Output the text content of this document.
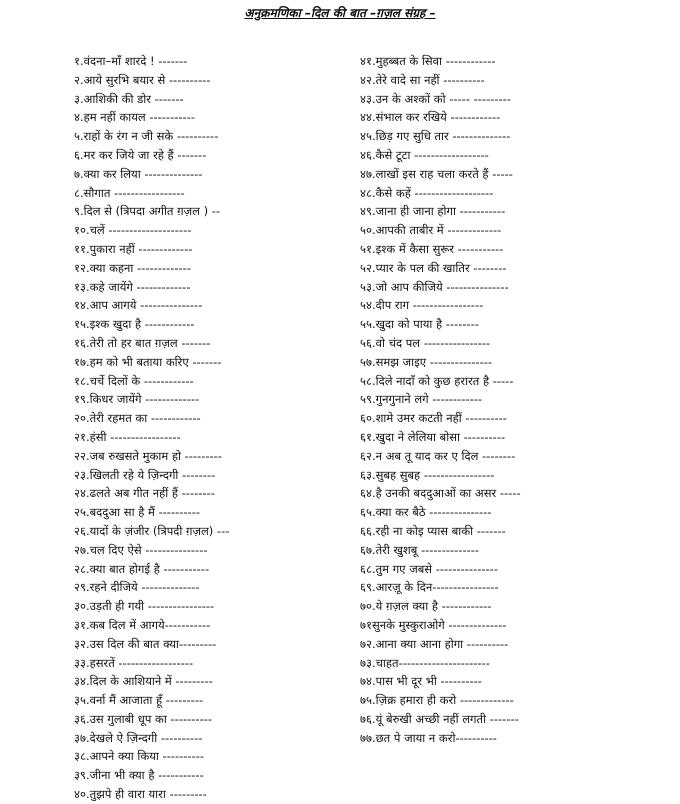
अनुक्रमणिका –दिल की बात –ग़ज़ल संग्रह –
१.वंदना–माँ शारदे ! -------
२.आये सुरभि बयार से ----------
३.आशिकी की डोर -------
४.हम नहीं कायल -----------
५.राहों के रंग न जी सके ----------
६.मर कर जिये जा रहे हैं -------
७.क्या कर लिया --------------
८.सौगात -----------------
९.दिल से (त्रिपदा अगीत ग़ज़ल ) --
१०.चलें --------------------
११.पुकारा नहीं -------------
१२.क्या कहना -------------
१३.कहे जायेंगे -------------
१४.आप आगये ---------------
१५.इश्क खुदा है ------------
१६.तेरी तो हर बात ग़ज़ल -------
१७.हम को भी बताया करिए -------
१८.चर्चे दिलों के ------------
१९.किधर जायेंगे -------------
२०.तेरी रहमत का ------------
२१.हंसी -----------------
२२.जब रुखसते मुकाम हो ---------
२३.खिलती रहे ये ज़िन्दगी --------
२४.ढलते अब गीत नहीं हैं --------
२५.बददुआ सा है मैं ----------
२६.यादों के ज़ंजीर (त्रिपदी ग़ज़ल) ---
२७.चल दिए ऐसे ---------------
२८.क्या बात होगई है -----------
२९.रहने दीजिये --------------
३०.उड़ती ही गयी ----------------
३१.कब दिल में आगये-----------
३२.उस दिल की बात क्या---------
३३.हसरतें ------------------
३४.दिल के आशियाने में ---------
३५.वर्ना मैं आजाता हूँ ---------
३६.उस गुलाबी धूप का ----------
३७.देखले ऐ ज़िन्दगी ----------
३८.आपने क्या किया ----------
३९.जीना भी क्या है -----------
४०.तुझपे ही वारा यारा ---------
४१.मुहब्बत के सिवा ------------
४२.तेरे वादे सा नहीं ----------
४३.उन के अश्कों को ----- ---------
४४.संभाल कर रखिये ------------
४५.छिड़ गए सुधि तार --------------
४६.कैसे टूटा ------------------
४७.लाखों इस राह चला करते हैं -----
४८.कैसे कहें -------------------
४९.जाना ही जाना होगा -----------
५०.आपकी ताबीर में -------------
५१.इश्क में कैसा सुरूर -----------
५२.प्यार के पल की खातिर --------
५३.जो आप कीजिये ---------------
५४.दीप राग -----------------
५५.खुदा को पाया है --------
५६.वो चंद पल ----------------
५७.समझ जाइए ---------------
५८.दिले नादाँ को कुछ हरारत है -----
५९.गुनगुनाने लगे ------------
६०.शामे उमर कटती नहीं ----------
६१.खुदा ने लेलिया बोसा ----------
६२.न अब तू याद कर ए दिल --------
६३.सुबह सुबह -----------------
६४.है उनकी बददुआओं का असर -----
६५.क्या कर बैठे ---------------
६६.रही ना कोइ प्यास बाकी -------
६७.तेरी खुशबू --------------
६८.तुम गए जबसे ---------------
६९.आरज़ू के दिन----------------
७०.ये ग़ज़ल क्या है ------------
७१सुनके मुस्कुराओगे --------------
७२.आना क्या आना होगा ----------
७३.चाहत----------------------
७४.पास भी दूर भी ----------
७५.ज़िक्र हमारा ही करो -------------
७६.यूं बेरुखी अच्छी नहीं लगती -------
७७.छत पे जाया न करो----------
